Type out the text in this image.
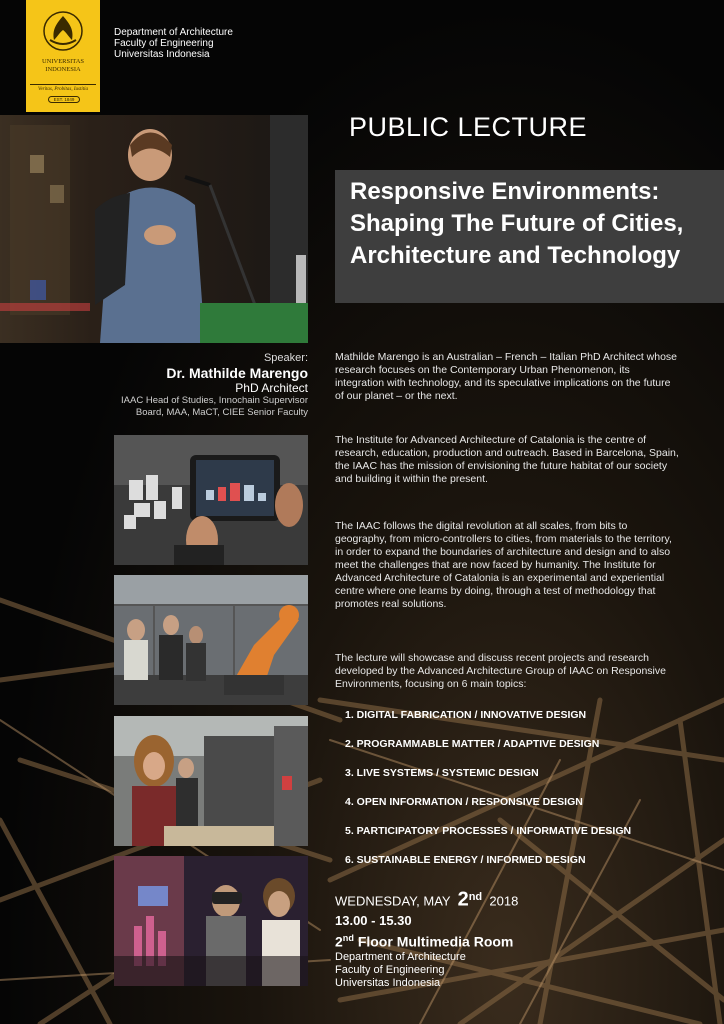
UNIVERSITAS
INDONESIA
Veritas, Probitas, Iustitia
EST. 1849
Department of Architecture
Faculty of Engineering
Universitas Indonesia
PUBLIC LECTURE
Responsive Environments: Shaping The Future of Cities, Architecture and Technology
Speaker:
Dr. Mathilde Marengo
PhD Architect
IAAC Head of Studies, Innochain Supervisor Board, MAA, MaCT, CIEE Senior Faculty
Mathilde Marengo is an Australian – French – Italian PhD Architect whose research focuses on the Contemporary Urban Phenomenon, its integration with technology, and its speculative implications on the future of our planet – or the next.
The Institute for Advanced Architecture of Catalonia is the centre of research, education, production and outreach. Based in Barcelona, Spain, the IAAC has the mission of envisioning the future habitat of our society and building it within the present.
The IAAC follows the digital revolution at all scales, from bits to geography, from micro-controllers to cities, from materials to the territory, in order to expand the boundaries of architecture and design and to also meet the challenges that are now faced by humanity. The Institute for Advanced Architecture of Catalonia is an experimental and experiential centre where one learns by doing, through a test of methodology that promotes real solutions.
The lecture will showcase and discuss recent projects and research developed by the Advanced Architecture Group of IAAC on Responsive Environments, focusing on 6 main topics:
1. DIGITAL FABRICATION / INNOVATIVE DESIGN
2. PROGRAMMABLE MATTER / ADAPTIVE DESIGN
3. LIVE SYSTEMS / SYSTEMIC DESIGN
4. OPEN INFORMATION / RESPONSIVE DESIGN
5. PARTICIPATORY PROCESSES / INFORMATIVE DESIGN
6. SUSTAINABLE ENERGY / INFORMED DESIGN
WEDNESDAY, MAY 2nd 2018
13.00 - 15.30
2nd Floor Multimedia Room
Department of Architecture
Faculty of Engineering
Universitas Indonesia
